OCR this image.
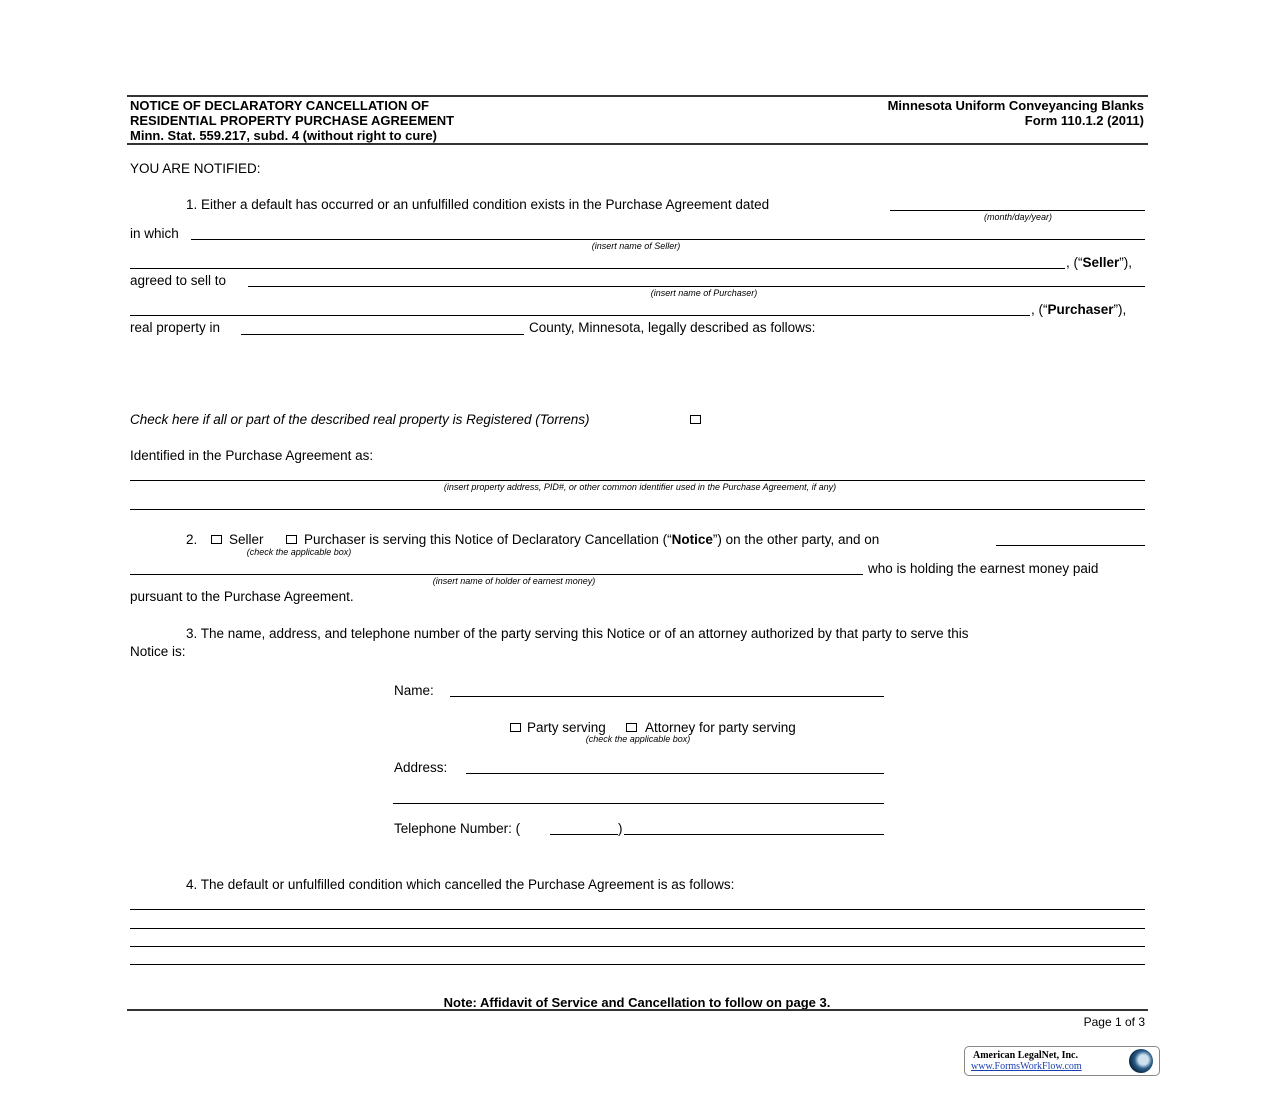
NOTICE OF DECLARATORY CANCELLATION OF
RESIDENTIAL PROPERTY PURCHASE AGREEMENT
Minn. Stat. 559.217, subd. 4 (without right to cure)
Minnesota Uniform Conveyancing Blanks
Form 110.1.2 (2011)
YOU ARE NOTIFIED:
1. Either a default has occurred or an unfulfilled condition exists in the Purchase Agreement dated
(month/day/year)
in which
(insert name of Seller)
, (“Seller”),
agreed to sell to
(insert name of Purchaser)
, (“Purchaser”),
real property in	County, Minnesota, legally described as follows:
Check here if all or part of the described real property is Registered (Torrens)
Identified in the Purchase Agreement as:
(insert property address, PID#, or other common identifier used in the Purchase Agreement, if any)
2. Seller	Purchaser is serving this Notice of Declaratory Cancellation (“Notice”) on the other party, and on
(check the applicable box)
who is holding the earnest money paid
(insert name of holder of earnest money)
pursuant to the Purchase Agreement.
3. The name, address, and telephone number of the party serving this Notice or of an attorney authorized by that party to serve this
Notice is:
Name:
Party serving	Attorney for party serving
(check the applicable box)
Address:
Telephone Number: (	)
4. The default or unfulfilled condition which cancelled the Purchase Agreement is as follows:
Note: Affidavit of Service and Cancellation to follow on page 3.
Page 1 of 3
American LegalNet, Inc.
www.FormsWorkFlow.com
